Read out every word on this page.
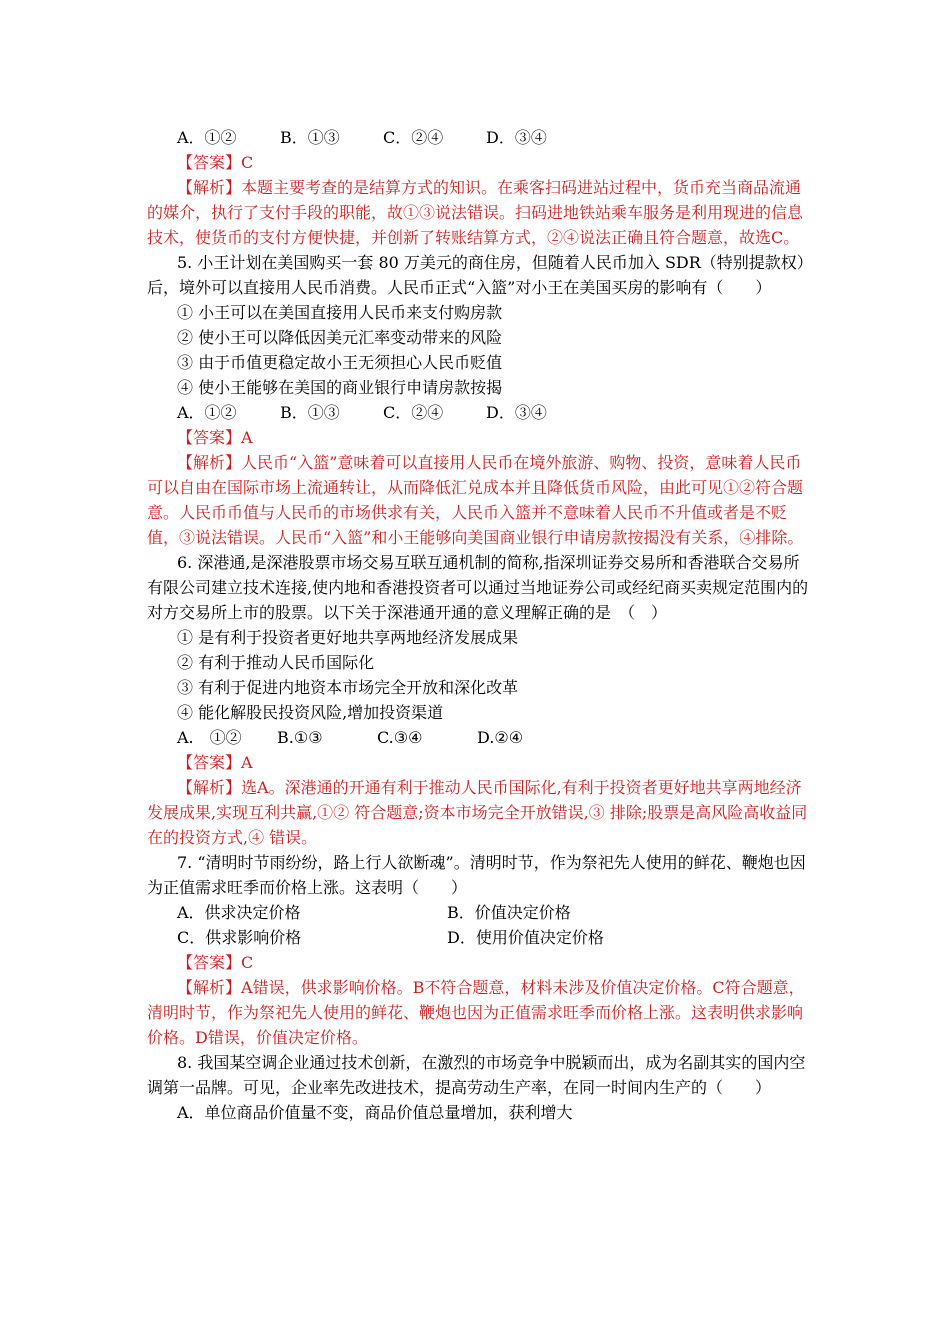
A．①②	B．①③	C．②④	D．③④
【答案】C
【解析】本题主要考查的是结算方式的知识。在乘客扫码进站过程中，货币充当商品流通的媒介，执行了支付手段的职能，故①③说法错误。扫码进地铁站乘车服务是利用现进的信息技术，使货币的支付方便快捷，并创新了转账结算方式，②④说法正确且符合题意，故选C。
5. 小王计划在美国购买一套 80 万美元的商住房，但随着人民币加入 SDR（特别提款权）后，境外可以直接用人民币消费。人民币正式“入篮”对小王在美国买房的影响有（　　）
① 小王可以在美国直接用人民币来支付购房款
② 使小王可以降低因美元汇率变动带来的风险
③ 由于币值更稳定故小王无须担心人民币贬值
④ 使小王能够在美国的商业银行申请房款按揭
A．①②	B．①③	C．②④	D．③④
【答案】A
【解析】人民币“入篮”意味着可以直接用人民币在境外旅游、购物、投资，意味着人民币可以自由在国际市场上流通转让，从而降低汇兑成本并且降低货币风险，由此可见①②符合题意。人民币币值与人民币的市场供求有关，人民币入篮并不意味着人民币不升值或者是不贬值，③说法错误。人民币“入篮”和小王能够向美国商业银行申请房款按揭没有关系，④排除。
6. 深港通,是深港股票市场交易互联互通机制的简称,指深圳证券交易所和香港联合交易所有限公司建立技术连接,使内地和香港投资者可以通过当地证券公司或经纪商买卖规定范围内的对方交易所上市的股票。以下关于深港通开通的意义理解正确的是　（　）
① 是有利于投资者更好地共享两地经济发展成果
② 有利于推动人民币国际化
③ 有利于促进内地资本市场完全开放和深化改革
④ 能化解股民投资风险,增加投资渠道
A.　①②	B.①③	C.③④	D.②④
【答案】A
【解析】选A。深港通的开通有利于推动人民币国际化,有利于投资者更好地共享两地经济发展成果,实现互利共赢,①② 符合题意;资本市场完全开放错误,③ 排除;股票是高风险高收益同在的投资方式,④ 错误。
7. “清明时节雨纷纷，路上行人欲断魂”。清明时节，作为祭祀先人使用的鲜花、鞭炮也因为正值需求旺季而价格上涨。这表明（　　）
A．供求决定价格	B．价值决定价格
C．供求影响价格	D．使用价值决定价格
【答案】C
【解析】A错误，供求影响价格。B不符合题意，材料未涉及价值决定价格。C符合题意，清明时节，作为祭祀先人使用的鲜花、鞭炮也因为正值需求旺季而价格上涨。这表明供求影响价格。D错误，价值决定价格。
8. 我国某空调企业通过技术创新，在激烈的市场竞争中脱颖而出，成为名副其实的国内空调第一品牌。可见，企业率先改进技术，提高劳动生产率，在同一时间内生产的（　　）
A．单位商品价值量不变，商品价值总量增加，获利增大
